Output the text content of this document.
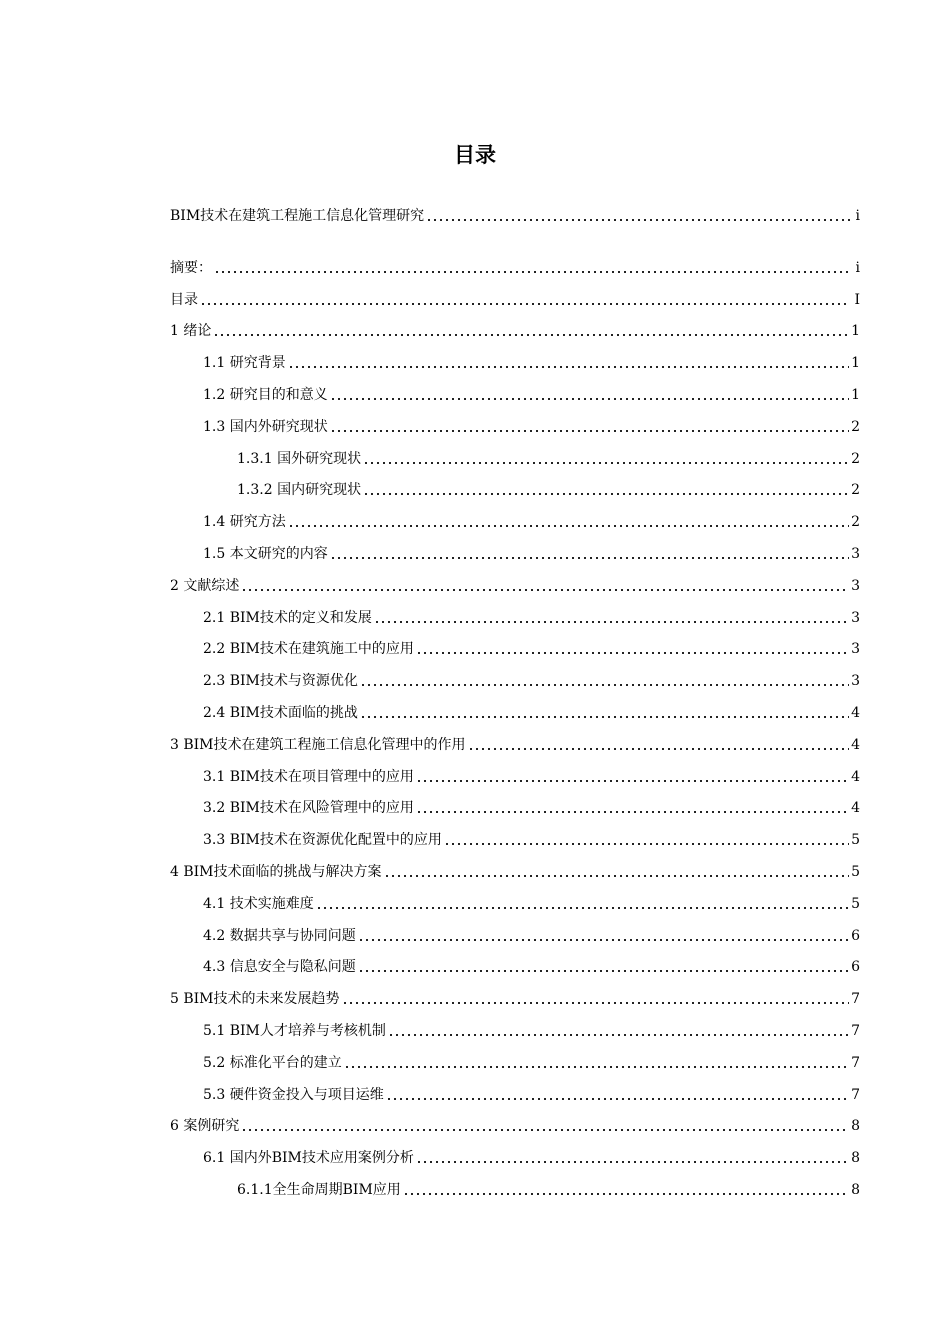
目录
BIM技术在建筑工程施工信息化管理研究	i
摘要：	i
目录	I
1 绪论	1
1.1 研究背景	1
1.2 研究目的和意义	1
1.3 国内外研究现状	2
1.3.1 国外研究现状	2
1.3.2 国内研究现状	2
1.4 研究方法	2
1.5 本文研究的内容	3
2 文献综述	3
2.1 BIM技术的定义和发展	3
2.2 BIM技术在建筑施工中的应用	3
2.3 BIM技术与资源优化	3
2.4 BIM技术面临的挑战	4
3 BIM技术在建筑工程施工信息化管理中的作用	4
3.1 BIM技术在项目管理中的应用	4
3.2 BIM技术在风险管理中的应用	4
3.3 BIM技术在资源优化配置中的应用	5
4 BIM技术面临的挑战与解决方案	5
4.1 技术实施难度	5
4.2 数据共享与协同问题	6
4.3 信息安全与隐私问题	6
5 BIM技术的未来发展趋势	7
5.1 BIM人才培养与考核机制	7
5.2 标准化平台的建立	7
5.3 硬件资金投入与项目运维	7
6 案例研究	8
6.1 国内外BIM技术应用案例分析	8
6.1.1全生命周期BIM应用	8
